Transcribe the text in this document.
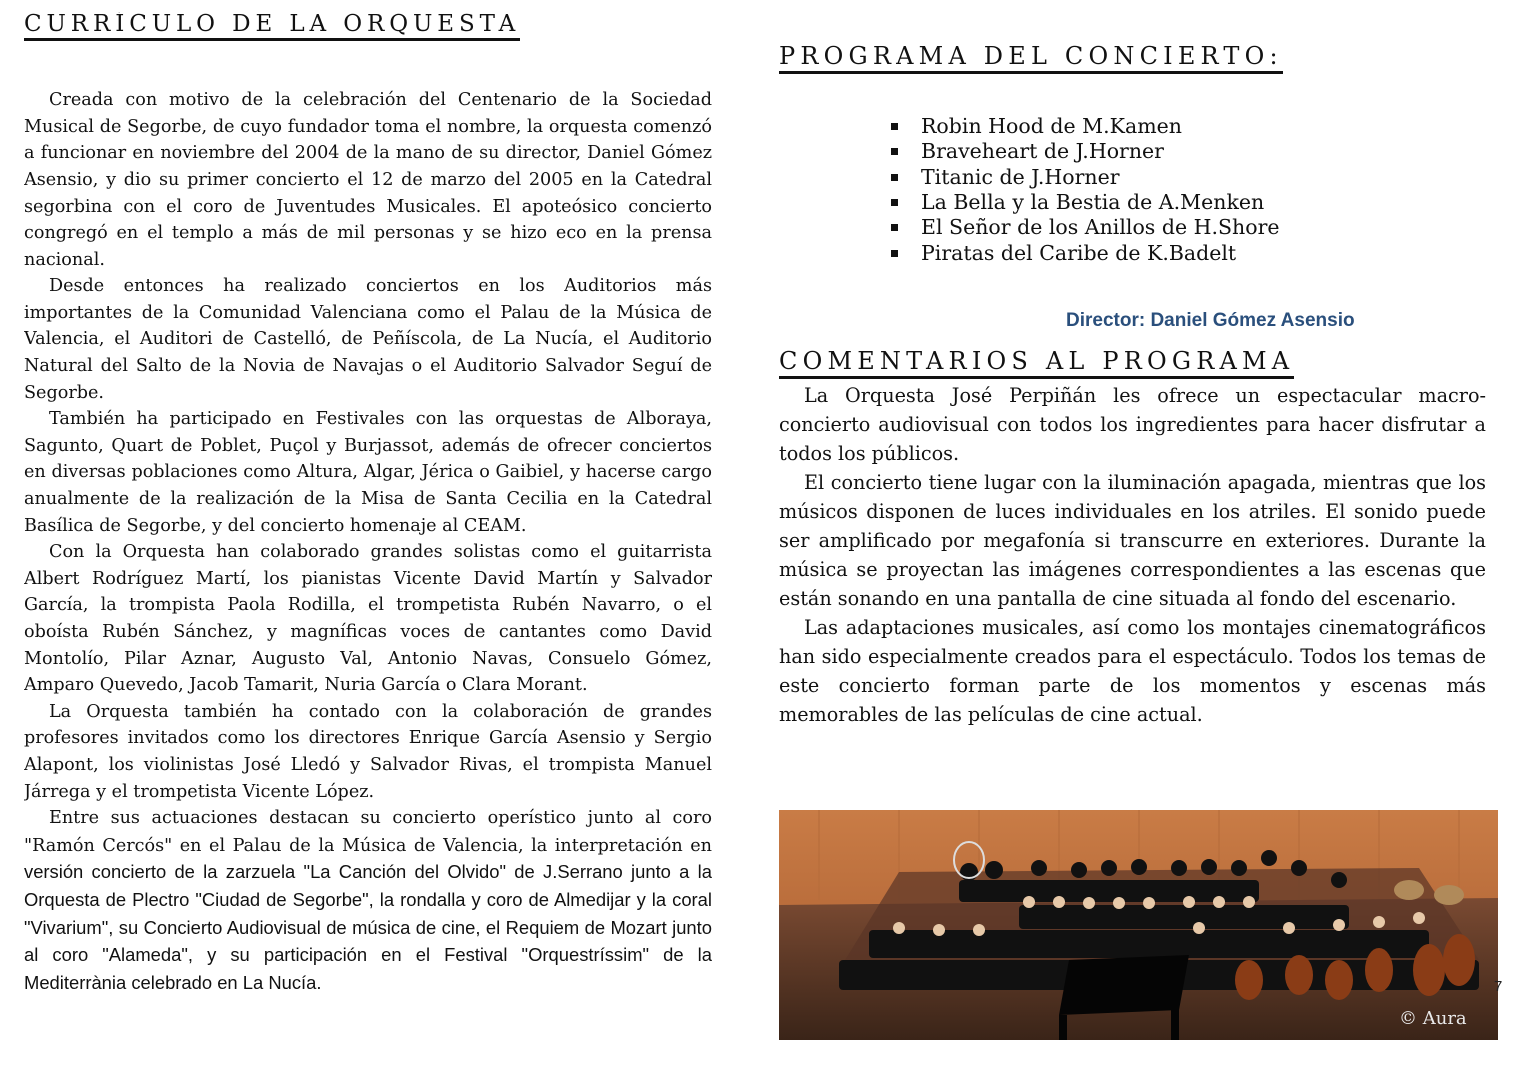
CURRÍCULO DE LA ORQUESTA

Creada con motivo de la celebración del Centenario de la Sociedad Musical de Segorbe, de cuyo fundador toma el nombre, la orquesta comenzó a funcionar en noviembre del 2004 de la mano de su director, Daniel Gómez Asensio, y dio su primer concierto el 12 de marzo del 2005 en la Catedral segorbina con el coro de Juventudes Musicales. El apoteósico concierto congregó en el templo a más de mil personas y se hizo eco en la prensa nacional.

Desde entonces ha realizado conciertos en los Auditorios más importantes de la Comunidad Valenciana como el Palau de la Música de Valencia, el Auditori de Castelló, de Peñíscola, de La Nucía, el Auditorio Natural del Salto de la Novia de Navajas o el Auditorio Salvador Seguí de Segorbe.

También ha participado en Festivales con las orquestas de Alboraya, Sagunto, Quart de Poblet, Puçol y Burjassot, además de ofrecer conciertos en diversas poblaciones como Altura, Algar, Jérica o Gaibiel, y hacerse cargo anualmente de la realización de la Misa de Santa Cecilia en la Catedral Basílica de Segorbe, y del concierto homenaje al CEAM.

Con la Orquesta han colaborado grandes solistas como el guitarrista Albert Rodríguez Martí, los pianistas Vicente David Martín y Salvador García, la trompista Paola Rodilla, el trompetista Rubén Navarro, o el oboísta Rubén Sánchez, y magníficas voces de cantantes como David Montolío, Pilar Aznar, Augusto Val, Antonio Navas, Consuelo Gómez, Amparo Quevedo, Jacob Tamarit, Nuria García o Clara Morant.

La Orquesta también ha contado con la colaboración de grandes profesores invitados como los directores Enrique García Asensio y Sergio Alapont, los violinistas José Lledó y Salvador Rivas, el trompista Manuel Járrega y el trompetista Vicente López.

Entre sus actuaciones destacan su concierto operístico junto al coro "Ramón Cercós" en el Palau de la Música de Valencia, la interpretación en versión concierto de la zarzuela "La Canción del Olvido" de J.Serrano junto a la Orquesta de Plectro "Ciudad de Segorbe", la rondalla y coro de Almedijar y la coral "Vivarium", su Concierto Audiovisual de música de cine, el Requiem de Mozart junto al coro "Alameda", y su participación en el Festival "Orquestríssim" de la Mediterrània celebrado en La Nucía.

PROGRAMA DEL CONCIERTO:
Robin Hood de M.Kamen
Braveheart de J.Horner
Titanic de J.Horner
La Bella y la Bestia de A.Menken
El Señor de los Anillos de H.Shore
Piratas del Caribe de K.Badelt
Director: Daniel Gómez Asensio
COMENTARIOS AL PROGRAMA

La Orquesta José Perpiñán les ofrece un espectacular macro-concierto audiovisual con todos los ingredientes para hacer disfrutar a todos los públicos.

El concierto tiene lugar con la iluminación apagada, mientras que los músicos disponen de luces individuales en los atriles. El sonido puede ser amplificado por megafonía si transcurre en exteriores. Durante la música se proyectan las imágenes correspondientes a las escenas que están sonando en una pantalla de cine situada al fondo del escenario.

Las adaptaciones musicales, así como los montajes cinematográficos han sido especialmente creados para el espectáculo. Todos los temas de este concierto forman parte de los momentos y escenas más memorables de las películas de cine actual.

© Aura
7
